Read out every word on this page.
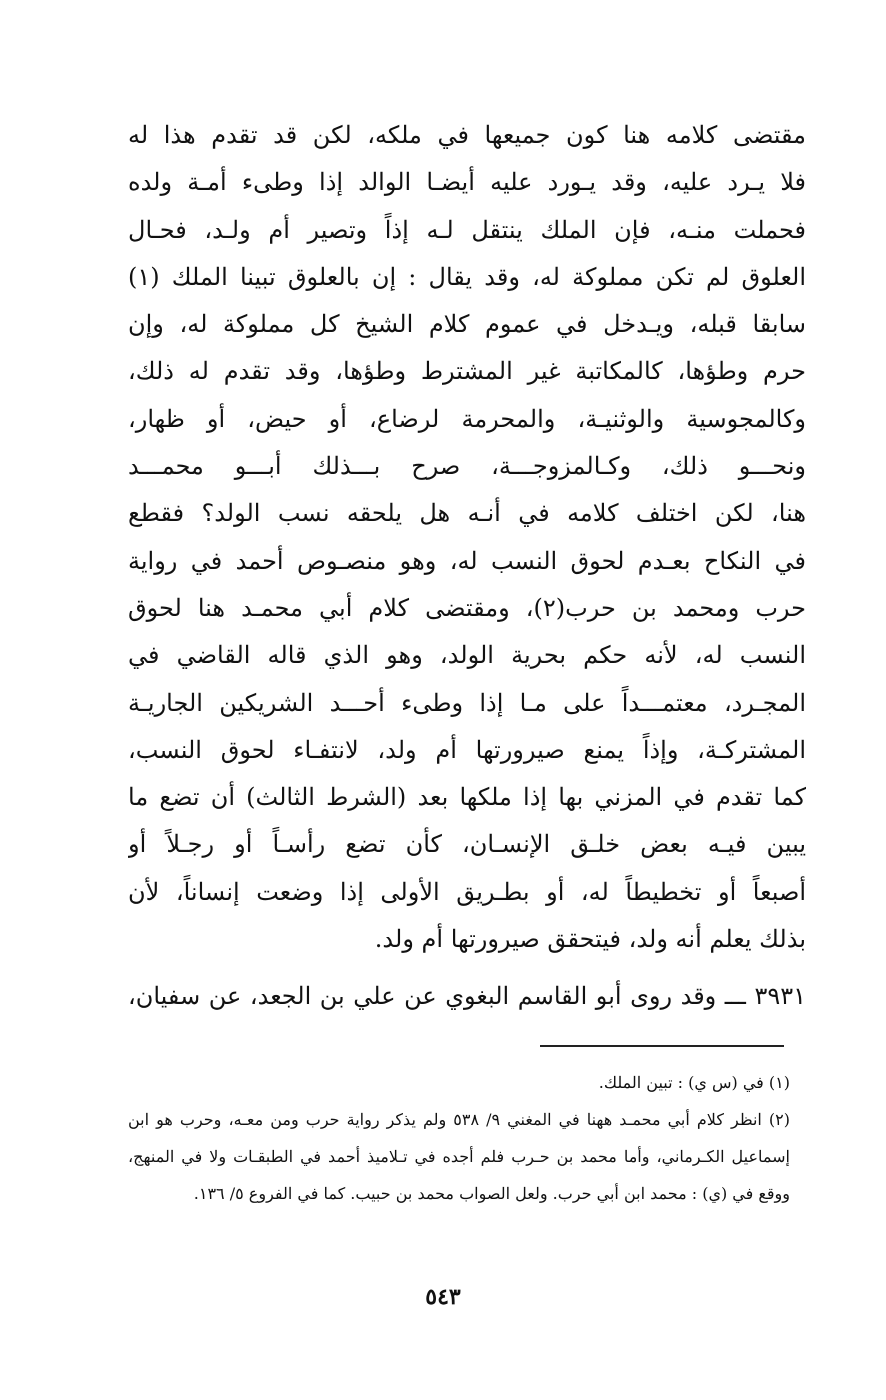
مقتضى كلامه هنا كون جميعها في ملكه، لكن قد تقدم هذا له
فلا يـرد عليه، وقد يـورد عليه أيضـا الوالد إذا وطىء أمـة ولده
فحملت منـه، فإن الملك ينتقل لـه إذاً وتصير أم ولـد، فحـال
العلوق لم تكن مملوكة له، وقد يقال : إن بالعلوق تبينا الملك (١)
سابقا قبله، ويـدخل في عموم كلام الشيخ كل مملوكة له، وإن
حرم وطؤها، كالمكاتبة غير المشترط وطؤها، وقد تقدم له ذلك،
وكالمجوسية والوثنيـة، والمحرمة لرضاع، أو حيض، أو ظهار،
ونحـــو ذلك، وكـالمزوجـــة، صرح بـــذلك أبـــو محمـــد
هنا، لكن اختلف كلامه في أنـه هل يلحقه نسب الولد؟ فقطع
في النكاح بعـدم لحوق النسب له، وهو منصـوص أحمد في رواية
حرب ومحمد بن حرب(٢)، ومقتضى كلام أبي محمـد هنا لحوق
النسب له، لأنه حكم بحرية الولد، وهو الذي قاله القاضي في
المجـرد، معتمـــداً على مـا إذا وطىء أحـــد الشريكين الجاريـة
المشتركـة، وإذاً يمنع صيرورتها أم ولد، لانتفـاء لحوق النسب،
كما تقدم في المزني بها إذا ملكها بعد (الشرط الثالث) أن تضع ما
يبين فيـه بعض خلـق الإنسـان، كأن تضع رأسـاً أو رجـلاً أو
أصبعاً أو تخطيطاً له، أو بطـريق الأولى إذا وضعت إنساناً، لأن
بذلك يعلم أنه ولد، فيتحقق صيرورتها أم ولد.
٣٩٣١ ـــ وقد روى أبو القاسم البغوي عن علي بن الجعد، عن سفيان،
(١) في (س ي) : تبين الملك.
(٢) انظر كلام أبي محمـد ههنا في المغني ٩/ ٥٣٨ ولم يذكر رواية حرب ومن معـه، وحرب هو ابن
إسماعيل الكـرماني، وأما محمد بن حـرب فلم أجده في تـلاميذ أحمد في الطبقـات ولا في المنهج،
ووقع في (ي) : محمد ابن أبي حرب. ولعل الصواب محمد بن حبيب. كما في الفروع ٥/ ١٣٦.
٥٤٣
